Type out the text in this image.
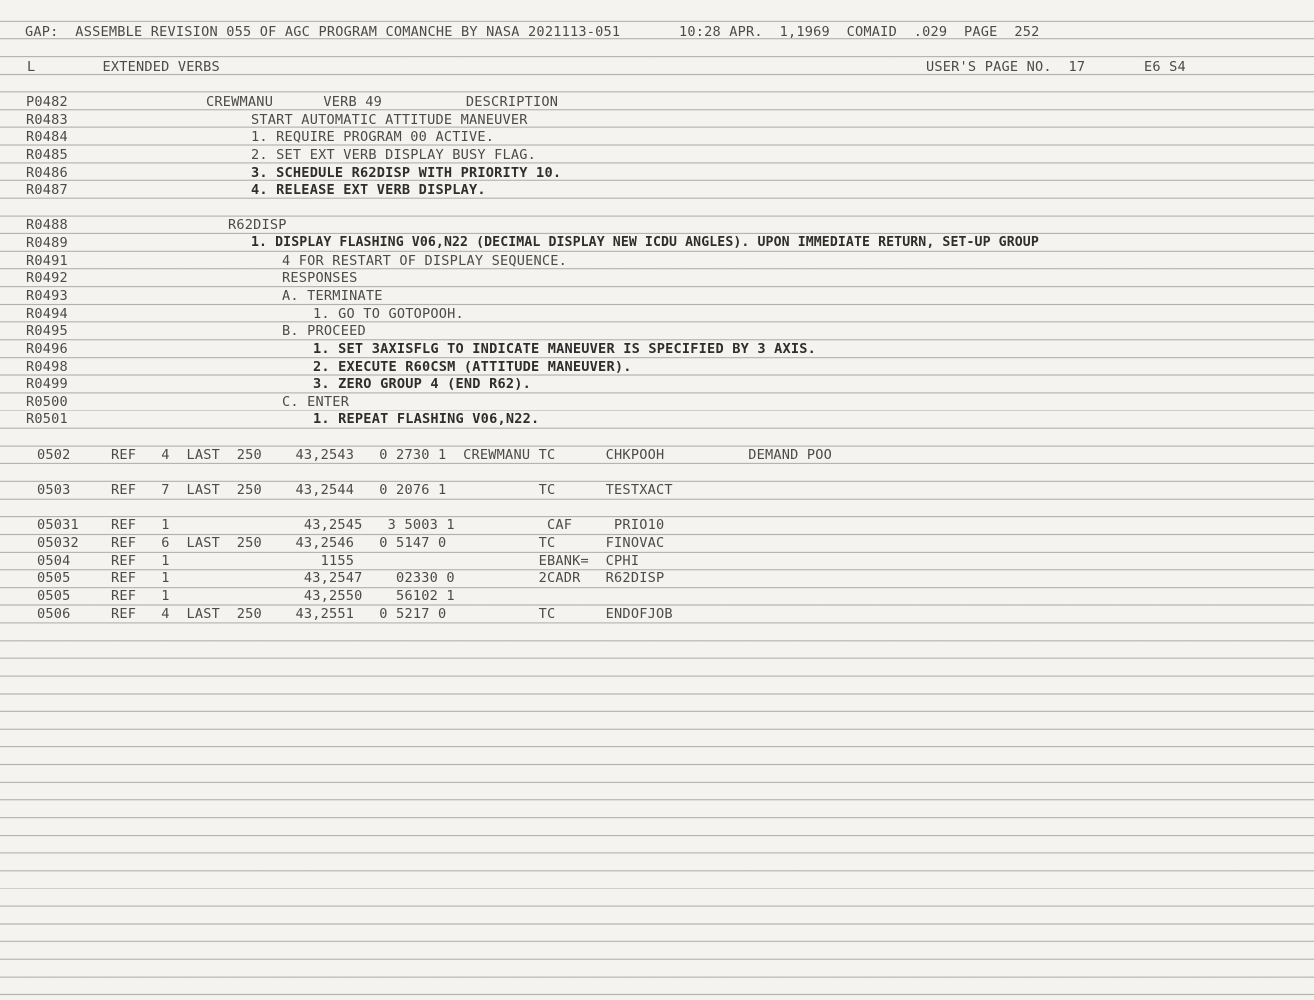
GAP:  ASSEMBLE REVISION 055 OF AGC PROGRAM COMANCHE BY NASA 2021113-051       10:28 APR.  1,1969  COMAID  .029  PAGE  252
L        EXTENDED VERBS	USER'S PAGE NO.  17       E6 S4
P0482	CREWMANU      VERB 49          DESCRIPTION
R0483	START AUTOMATIC ATTITUDE MANEUVER
R0484	1. REQUIRE PROGRAM 00 ACTIVE.
R0485	2. SET EXT VERB DISPLAY BUSY FLAG.
R0486	3. SCHEDULE R62DISP WITH PRIORITY 10.
R0487	4. RELEASE EXT VERB DISPLAY.
R0488	R62DISP
R0489	1. DISPLAY FLASHING V06,N22 (DECIMAL DISPLAY NEW ICDU ANGLES). UPON IMMEDIATE RETURN, SET-UP GROUP
R0491	4 FOR RESTART OF DISPLAY SEQUENCE.
R0492	RESPONSES
R0493	A. TERMINATE
R0494	1. GO TO GOTOPOOH.
R0495	B. PROCEED
R0496	1. SET 3AXISFLG TO INDICATE MANEUVER IS SPECIFIED BY 3 AXIS.
R0498	2. EXECUTE R60CSM (ATTITUDE MANEUVER).
R0499	3. ZERO GROUP 4 (END R62).
R0500	C. ENTER
R0501	1. REPEAT FLASHING V06,N22.
0502	REF   4  LAST  250    43,2543   0 2730 1  CREWMANU TC      CHKPOOH          DEMAND POO
0503	REF   7  LAST  250    43,2544   0 2076 1           TC      TESTXACT
05031 REF   1                43,2545   3 5003 1           CAF     PRIO10
05032 REF   6  LAST  250    43,2546   0 5147 0           TC      FINOVAC
0504	REF   1                  1155                      EBANK=  CPHI
0505	REF   1                43,2547    02330 0          2CADR   R62DISP
0505	REF   1                43,2550    56102 1
0506	REF   4  LAST  250    43,2551   0 5217 0           TC      ENDOFJOB
